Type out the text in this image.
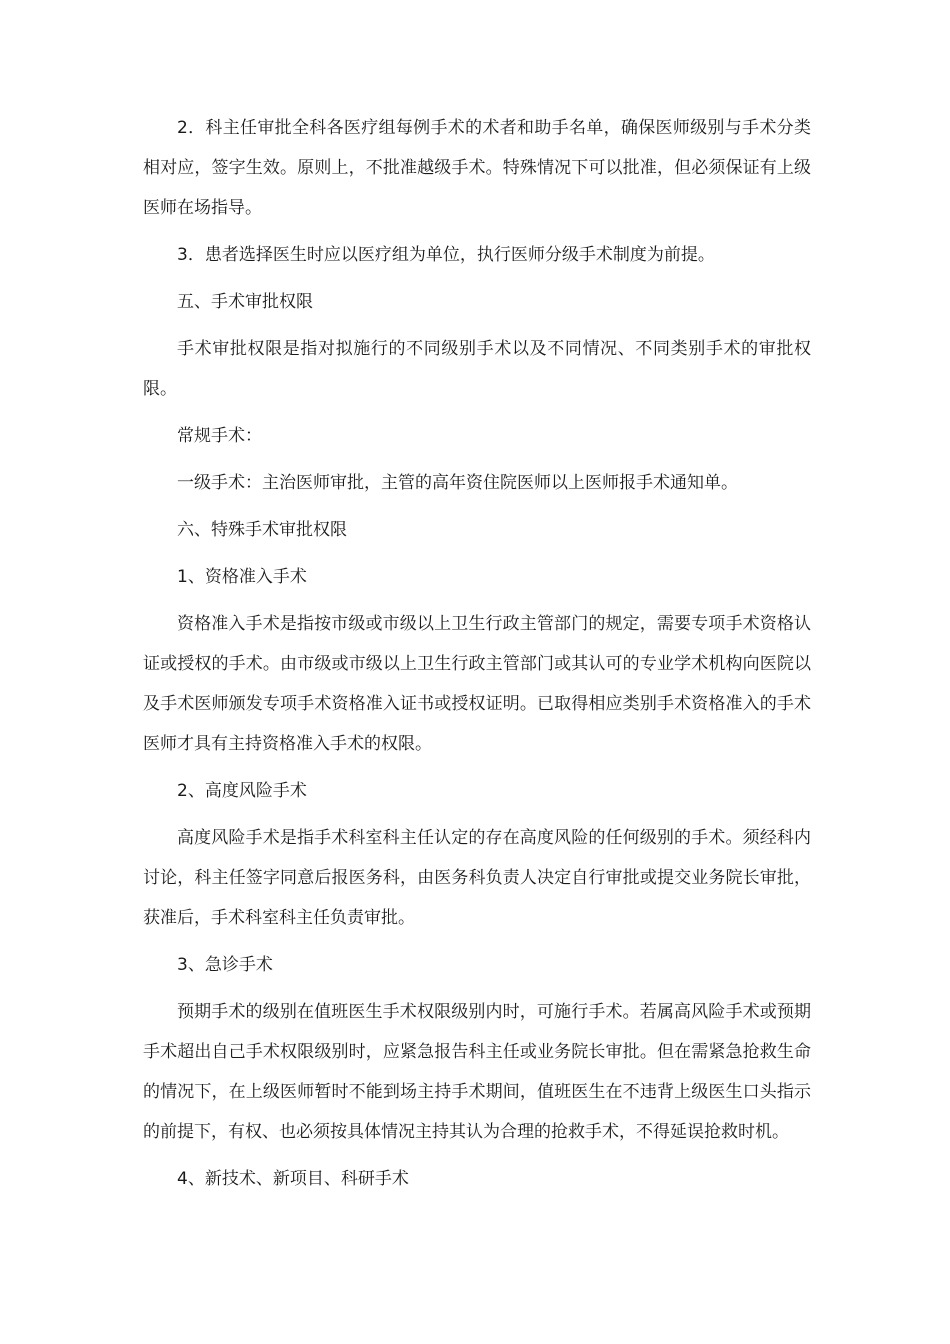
2．科主任审批全科各医疗组每例手术的术者和助手名单，确保医师级别与手术分类相对应，签字生效。原则上，不批准越级手术。特殊情况下可以批准，但必须保证有上级医师在场指导。

3．患者选择医生时应以医疗组为单位，执行医师分级手术制度为前提。

五、手术审批权限

手术审批权限是指对拟施行的不同级别手术以及不同情况、不同类别手术的审批权限。

常规手术：

一级手术：主治医师审批，主管的高年资住院医师以上医师报手术通知单。

六、特殊手术审批权限

1、资格准入手术

资格准入手术是指按市级或市级以上卫生行政主管部门的规定，需要专项手术资格认证或授权的手术。由市级或市级以上卫生行政主管部门或其认可的专业学术机构向医院以及手术医师颁发专项手术资格准入证书或授权证明。已取得相应类别手术资格准入的手术医师才具有主持资格准入手术的权限。

2、高度风险手术

高度风险手术是指手术科室科主任认定的存在高度风险的任何级别的手术。须经科内讨论，科主任签字同意后报医务科，由医务科负责人决定自行审批或提交业务院长审批，获准后，手术科室科主任负责审批。

3、急诊手术

预期手术的级别在值班医生手术权限级别内时，可施行手术。若属高风险手术或预期手术超出自己手术权限级别时，应紧急报告科主任或业务院长审批。但在需紧急抢救生命的情况下，在上级医师暂时不能到场主持手术期间，值班医生在不违背上级医生口头指示的前提下，有权、也必须按具体情况主持其认为合理的抢救手术，不得延误抢救时机。

4、新技术、新项目、科研手术
